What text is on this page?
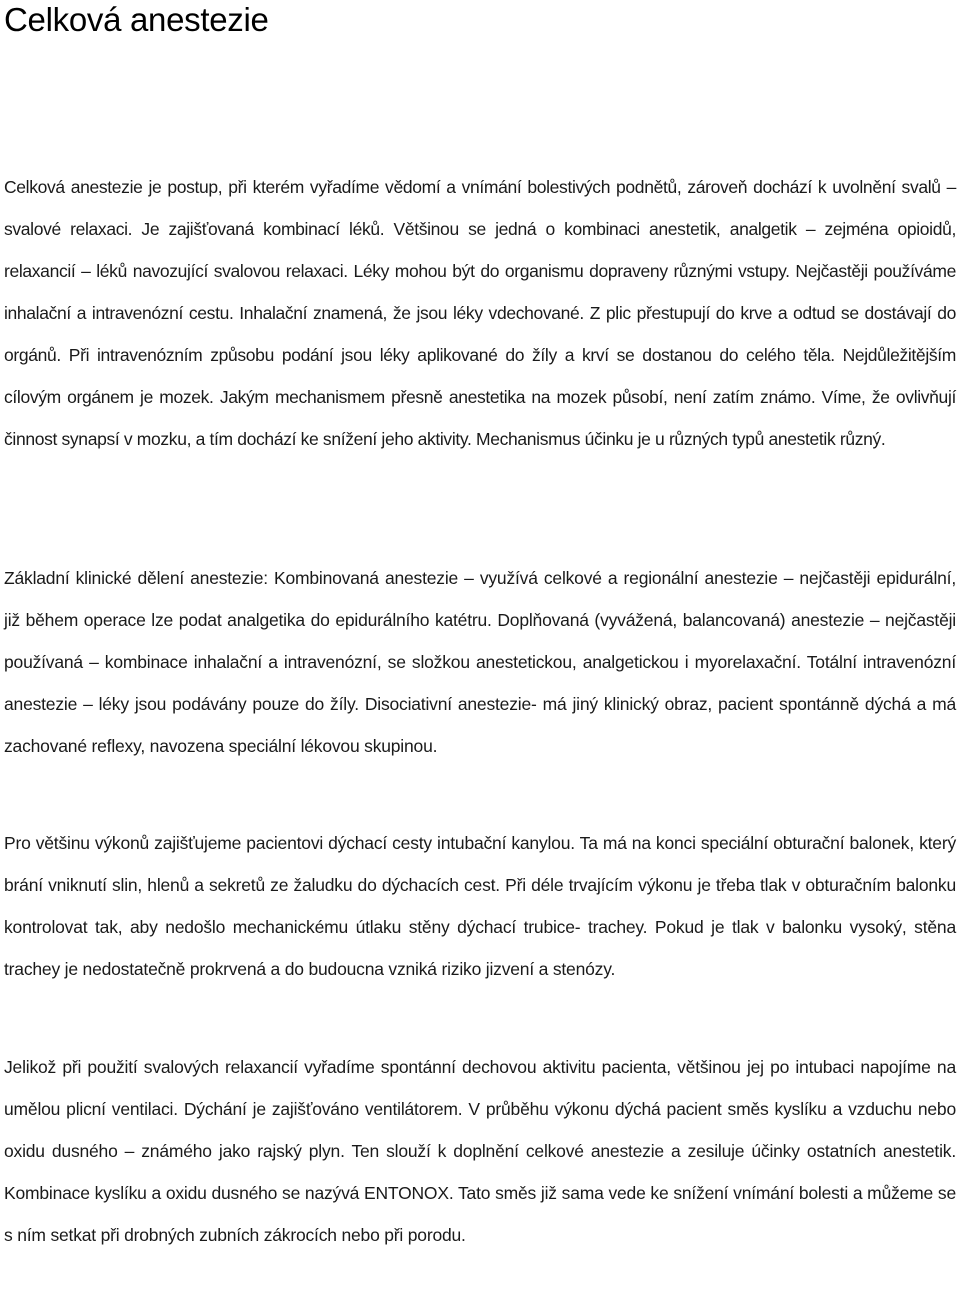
Celková anestezie

Celková anestezie je postup, při kterém vyřadíme vědomí a vnímání bolestivých podnětů, zároveň dochází k uvolnění svalů – svalové relaxaci. Je zajišťovaná kombinací léků. Většinou se jedná o kombinaci anestetik, analgetik – zejména opioidů, relaxancií – léků navozující svalovou relaxaci. Léky mohou být do organismu dopraveny různými vstupy. Nejčastěji používáme inhalační a intravenózní cestu. Inhalační znamená, že jsou léky vdechované. Z plic přestupují do krve a odtud se dostávají do orgánů. Při intravenózním způsobu podání jsou léky aplikované do žíly a krví se dostanou do celého těla. Nejdůležitějším cílovým orgánem je mozek. Jakým mechanismem přesně anestetika na mozek působí, není zatím známo. Víme, že ovlivňují činnost synapsí v mozku, a tím dochází ke snížení jeho aktivity. Mechanismus účinku je u různých typů anestetik různý.

Základní klinické dělení anestezie: Kombinovaná anestezie – využívá celkové a regionální anestezie – nejčastěji epidurální, již během operace lze podat analgetika do epidurálního katétru. Doplňovaná (vyvážená, balancovaná) anestezie – nejčastěji používaná – kombinace inhalační a intravenózní, se složkou anestetickou, analgetickou i myorelaxační. Totální intravenózní anestezie – léky jsou podávány pouze do žíly. Disociativní anestezie- má jiný klinický obraz, pacient spontánně dýchá a má zachované reflexy, navozena speciální lékovou skupinou.

Pro většinu výkonů zajišťujeme pacientovi dýchací cesty intubační kanylou. Ta má na konci speciální obturační balonek, který brání vniknutí slin, hlenů a sekretů ze žaludku do dýchacích cest. Při déle trvajícím výkonu je třeba tlak v obturačním balonku kontrolovat tak, aby nedošlo mechanickému útlaku stěny dýchací trubice- trachey. Pokud je tlak v balonku vysoký, stěna trachey je nedostatečně prokrvená a do budoucna vzniká riziko jizvení a stenózy.

Jelikož při použití svalových relaxancií vyřadíme spontánní dechovou aktivitu pacienta, většinou jej po intubaci napojíme na umělou plicní ventilaci. Dýchání je zajišťováno ventilátorem. V průběhu výkonu dýchá pacient směs kyslíku a vzduchu nebo oxidu dusného – známého jako rajský plyn. Ten slouží k doplnění celkové anestezie a zesiluje účinky ostatních anestetik. Kombinace kyslíku a oxidu dusného se nazývá ENTONOX. Tato směs již sama vede ke snížení vnímání bolesti a můžeme se s ním setkat při drobných zubních zákrocích nebo při porodu.
